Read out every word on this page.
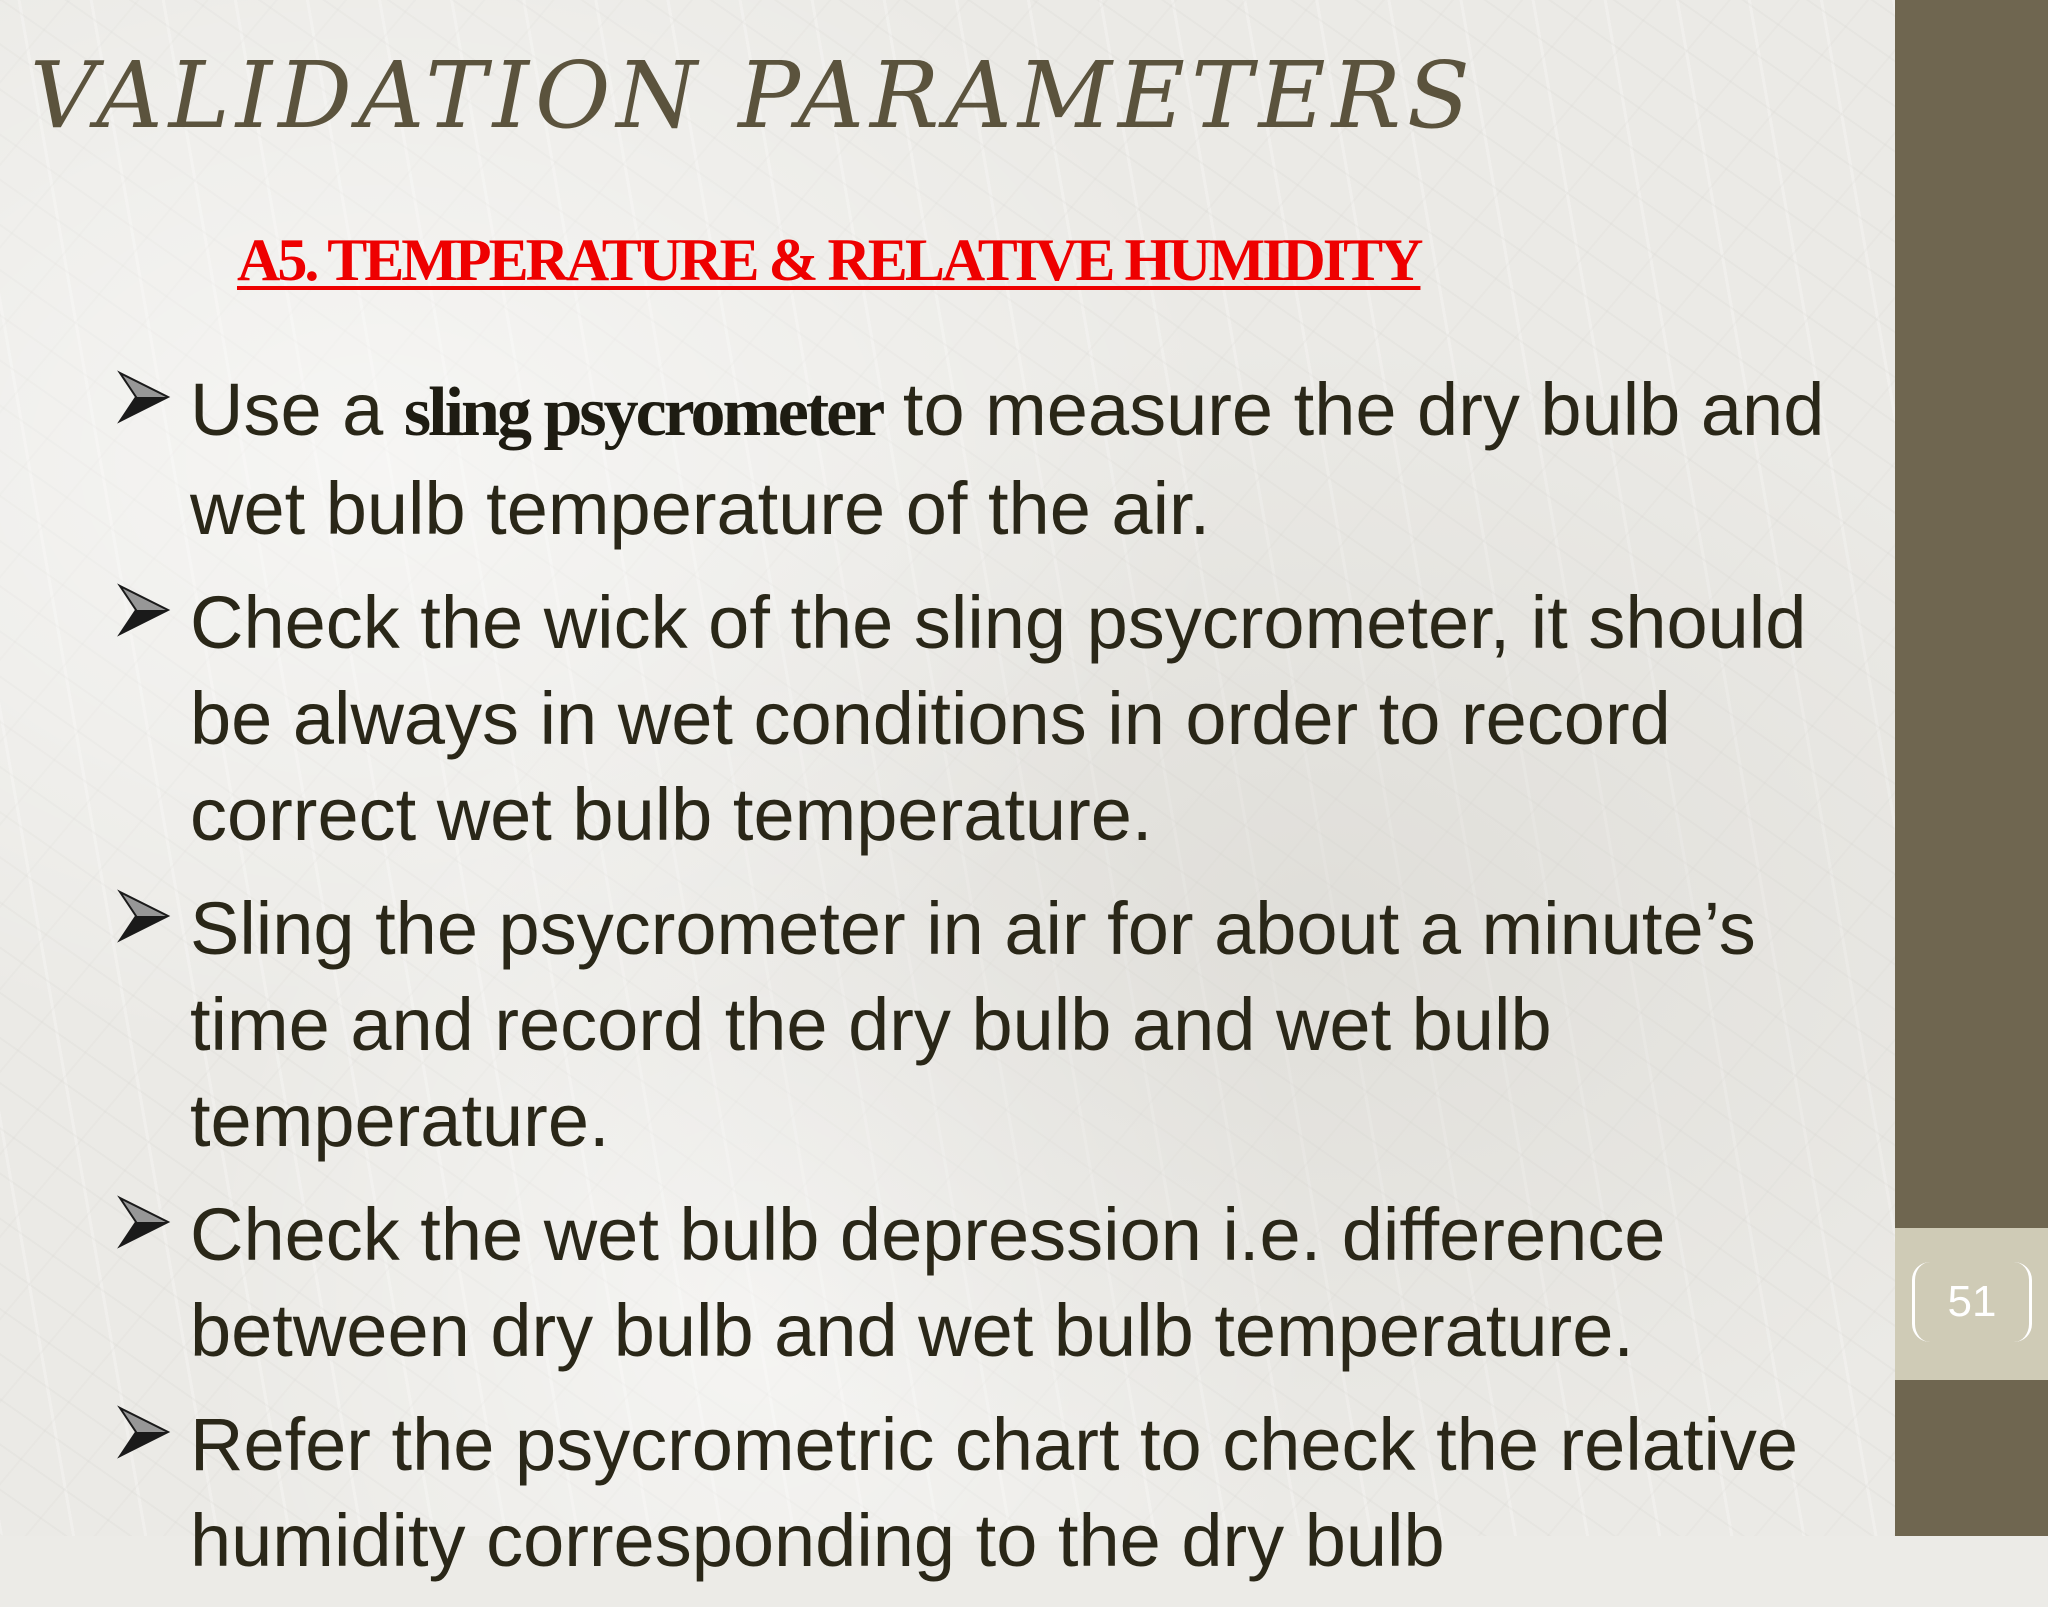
VALIDATION PARAMETERS
A5. TEMPERATURE & RELATIVE HUMIDITY
Use a sling psycrometer to measure the dry bulb and wet bulb temperature of the air.
Check the wick of the sling psycrometer, it should be always in wet conditions in order to record correct wet bulb temperature.
Sling the psycrometer in air for about a minute’s time and record the dry bulb and wet bulb temperature.
Check the wet bulb depression i.e. difference between dry bulb and wet bulb temperature.
Refer the psycrometric chart to check the relative humidity corresponding to the dry bulb
51
